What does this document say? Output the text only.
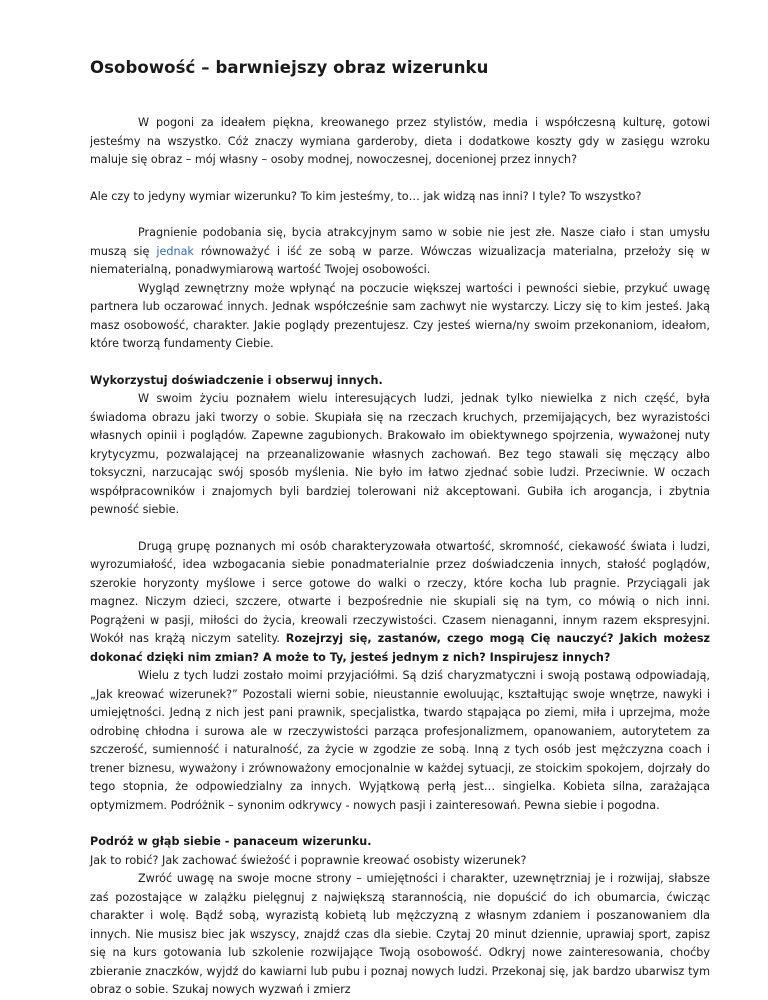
Osobowość – barwniejszy obraz wizerunku

W pogoni za ideałem piękna, kreowanego przez stylistów, media i współczesną kulturę, gotowi jesteśmy na wszystko. Cóż znaczy wymiana garderoby, dieta i dodatkowe koszty gdy w zasięgu wzroku maluje się obraz – mój własny – osoby modnej, nowoczesnej, docenionej przez innych?

Ale czy to jedyny wymiar wizerunku? To kim jesteśmy, to… jak widzą nas inni? I tyle? To wszystko?

Pragnienie podobania się, bycia atrakcyjnym samo w sobie nie jest złe. Nasze ciało i stan umysłu muszą się jednak równoważyć i iść ze sobą w parze. Wówczas wizualizacja materialna, przełoży się w niematerialną, ponadwymiarową wartość Twojej osobowości.

Wygląd zewnętrzny może wpłynąć na poczucie większej wartości i pewności siebie, przykuć uwagę partnera lub oczarować innych. Jednak współcześnie sam zachwyt nie wystarczy. Liczy się to kim jesteś. Jaką masz osobowość, charakter. Jakie poglądy prezentujesz. Czy jesteś wierna/ny swoim przekonaniom, ideałom, które tworzą fundamenty Ciebie.

Wykorzystuj doświadczenie i obserwuj innych.

W swoim życiu poznałem wielu interesujących ludzi, jednak tylko niewielka z nich część, była świadoma obrazu jaki tworzy o sobie. Skupiała się na rzeczach kruchych, przemijających, bez wyrazistości własnych opinii i poglądów. Zapewne zagubionych. Brakowało im obiektywnego spojrzenia, wyważonej nuty krytycyzmu, pozwalającej na przeanalizowanie własnych zachowań. Bez tego stawali się męczący albo toksyczni, narzucając swój sposób myślenia. Nie było im łatwo zjednać sobie ludzi. Przeciwnie. W oczach współpracowników i znajomych byli bardziej tolerowani niż akceptowani. Gubiła ich arogancja, i zbytnia pewność siebie.

Drugą grupę poznanych mi osób charakteryzowała otwartość, skromność, ciekawość świata i ludzi, wyrozumiałość, idea wzbogacania siebie ponadmaterialnie przez doświadczenia innych, stałość poglądów, szerokie horyzonty myślowe i serce gotowe do walki o rzeczy, które kocha lub pragnie. Przyciągali jak magnez. Niczym dzieci, szczere, otwarte i bezpośrednie nie skupiali się na tym, co mówią o nich inni. Pogrążeni w pasji, miłości do życia, kreowali rzeczywistości. Czasem nienaganni, innym razem ekspresyjni. Wokół nas krążą niczym satelity. Rozejrzyj się, zastanów, czego mogą Cię nauczyć? Jakich możesz dokonać dzięki nim zmian? A może to Ty, jesteś jednym z nich? Inspirujesz innych?

Wielu z tych ludzi zostało moimi przyjaciółmi. Są dziś charyzmatyczni i swoją postawą odpowiadają, „Jak kreować wizerunek?” Pozostali wierni sobie, nieustannie ewoluując, kształtując swoje wnętrze, nawyki i umiejętności. Jedną z nich jest pani prawnik, specjalistka, twardo stąpająca po ziemi, miła i uprzejma, może odrobinę chłodna i surowa ale w rzeczywistości parząca profesjonalizmem, opanowaniem, autorytetem za szczerość, sumienność i naturalność, za życie w zgodzie ze sobą. Inną z tych osób jest mężczyzna coach i trener biznesu, wyważony i zrównoważony emocjonalnie w każdej sytuacji, ze stoickim spokojem, dojrzały do tego stopnia, że odpowiedzialny za innych. Wyjątkową perłą jest… singielka. Kobieta silna, zarażająca optymizmem. Podróżnik – synonim odkrywcy - nowych pasji i zainteresowań. Pewna siebie i pogodna.

Podróż w głąb siebie - panaceum wizerunku.

Jak to robić? Jak zachować świeżość i poprawnie kreować osobisty wizerunek?

Zwróć uwagę na swoje mocne strony – umiejętności i charakter, uzewnętrzniaj je i rozwijaj, słabsze zaś pozostające w zalążku pielęgnuj z największą starannością, nie dopuścić do ich obumarcia, ćwicząc charakter i wolę. Bądź sobą, wyrazistą kobietą lub mężczyzną z własnym zdaniem i poszanowaniem dla innych. Nie musisz biec jak wszyscy, znajdź czas dla siebie. Czytaj 20 minut dziennie, uprawiaj sport, zapisz się na kurs gotowania lub szkolenie rozwijające Twoją osobowość. Odkryj nowe zainteresowania, choćby zbieranie znaczków, wyjdź do kawiarni lub pubu i poznaj nowych ludzi. Przekonaj się, jak bardzo ubarwisz tym obraz o sobie. Szukaj nowych wyzwań i zmierz
